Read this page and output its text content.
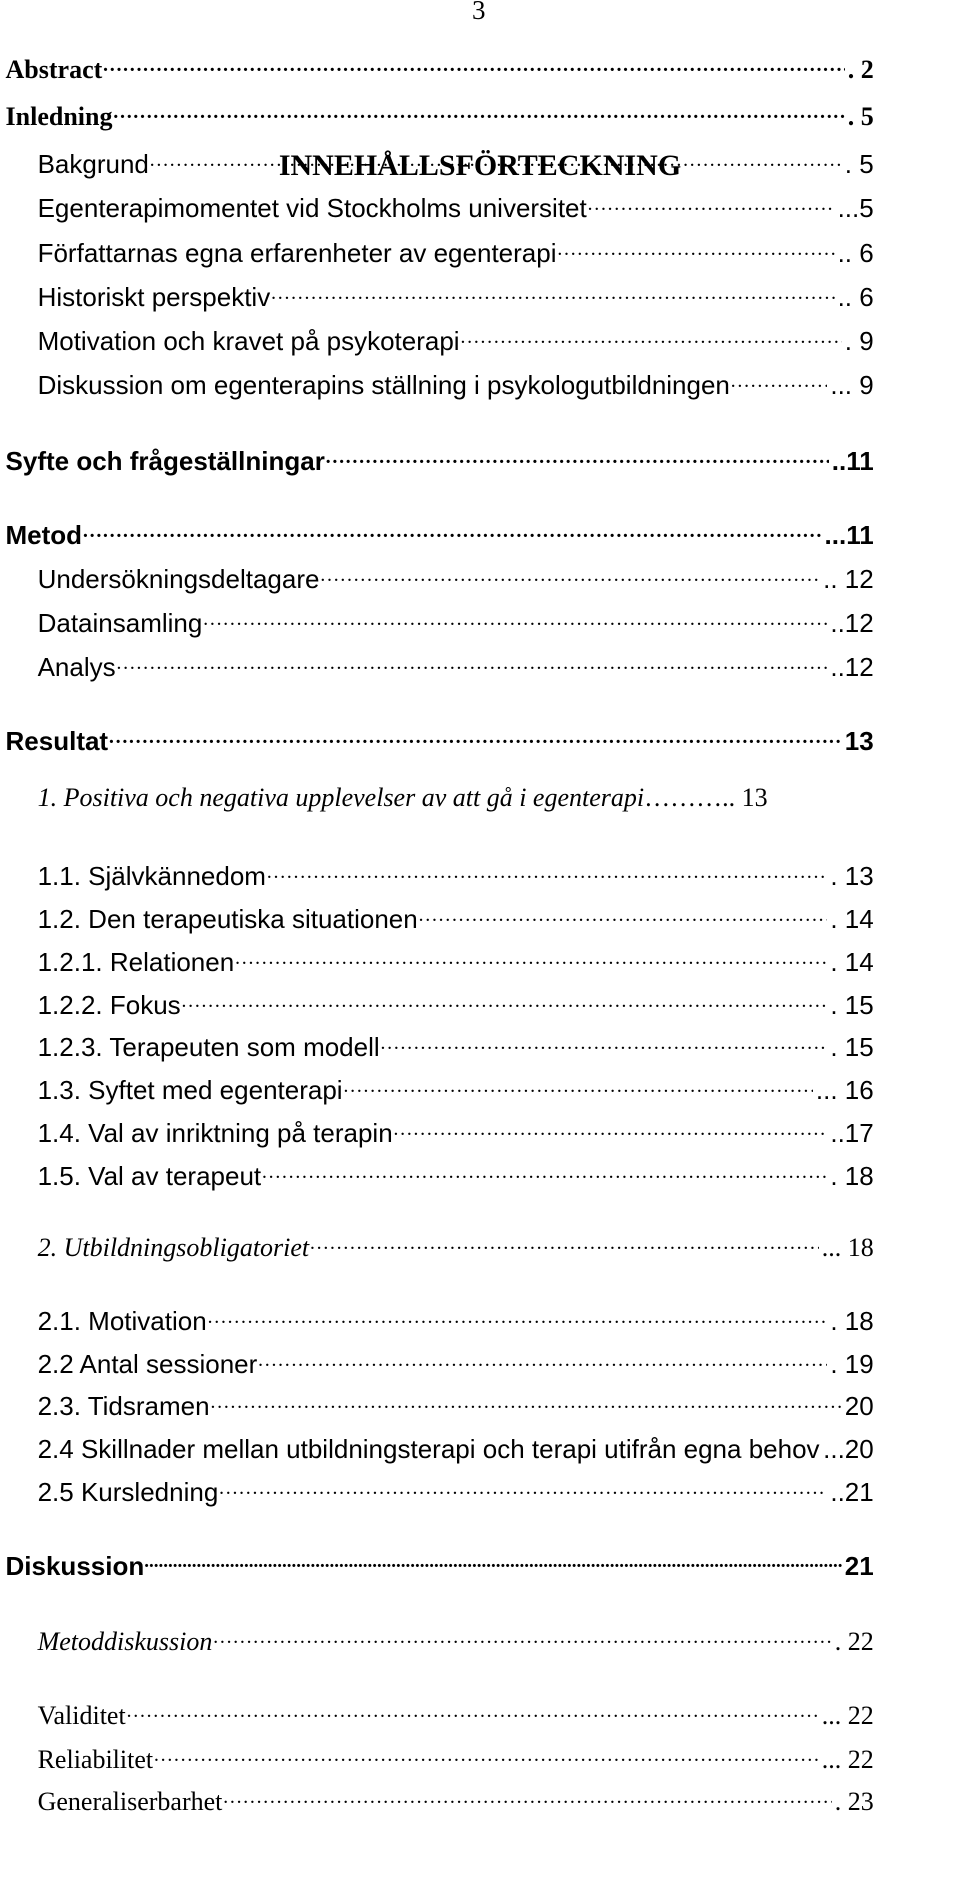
3
INNEHÅLLSFÖRTECKNING
Abstract …………………………………………………………………………………………………………………………………………………………………………………………………………………………………………………………	. 2
Inledning …………………………………………………………………………………………………………………………………………………………………………………………………………………………………………………………	. 5
Bakgrund …………………………………………………………………………………………………………………………………………………………………………………………………………………………………………………………	. 5
Egenterapimomentet vid Stockholms universitet …………………………………………………………………………………………………………………………………………………………………………………………………………………………………………………………	...5
Författarnas egna erfarenheter av egenterapi …………………………………………………………………………………………………………………………………………………………………………………………………………………………………………………………	.. 6
Historiskt perspektiv …………………………………………………………………………………………………………………………………………………………………………………………………………………………………………………………	.. 6
Motivation och kravet på psykoterapi …………………………………………………………………………………………………………………………………………………………………………………………………………………………………………………………	. 9
Diskussion om egenterapins ställning i psykologutbildningen …………………………………………………………………………………………………………………………………………………………………………………………………………………………………………………………	... 9
Syfte och frågeställningar …………………………………………………………………………………………………………………………………………………………………………………………………………………………………………………………	..11
Metod …………………………………………………………………………………………………………………………………………………………………………………………………………………………………………………………	...11
Undersökningsdeltagare …………………………………………………………………………………………………………………………………………………………………………………………………………………………………………………………	.. 12
Datainsamling …………………………………………………………………………………………………………………………………………………………………………………………………………………………………………………………	..12
Analys …………………………………………………………………………………………………………………………………………………………………………………………………………………………………………………………	..12
Resultat …………………………………………………………………………………………………………………………………………………………………………………………………………………………………………………………	13
1. Positiva och negativa upplevelser av att gå i egenterapi ……….. 13
1.1. Självkännedom …………………………………………………………………………………………………………………………………………………………………………………………………………………………………………………………	. 13
1.2. Den terapeutiska situationen …………………………………………………………………………………………………………………………………………………………………………………………………………………………………………………………	. 14
1.2.1. Relationen …………………………………………………………………………………………………………………………………………………………………………………………………………………………………………………………	. 14
1.2.2. Fokus …………………………………………………………………………………………………………………………………………………………………………………………………………………………………………………………	. 15
1.2.3. Terapeuten som modell …………………………………………………………………………………………………………………………………………………………………………………………………………………………………………………………	. 15
1.3. Syftet med egenterapi …………………………………………………………………………………………………………………………………………………………………………………………………………………………………………………………	... 16
1.4. Val av inriktning på terapin …………………………………………………………………………………………………………………………………………………………………………………………………………………………………………………………	..17
1.5. Val av terapeut …………………………………………………………………………………………………………………………………………………………………………………………………………………………………………………………	. 18
2. Utbildningsobligatoriet …………………………………………………………………………………………………………………………………………………………………………………………………………………………………………………………	... 18
2.1. Motivation …………………………………………………………………………………………………………………………………………………………………………………………………………………………………………………………	. 18
2.2 Antal sessioner …………………………………………………………………………………………………………………………………………………………………………………………………………………………………………………………	. 19
2.3. Tidsramen …………………………………………………………………………………………………………………………………………………………………………………………………………………………………………………………	20
2.4 Skillnader mellan utbildningsterapi och terapi utifrån egna behov ………………………………………………………………………………………………………………………………………………………………………………………………………………………………………………………… ...20
2.5 Kursledning …………………………………………………………………………………………………………………………………………………………………………………………………………………………………………………………	..21
Diskussion .....	21
Metoddiskussion …………………………………………………………………………………………………………………………………………………………………………………………………………………………………………………………	. 22
Validitet …………………………………………………………………………………………………………………………………………………………………………………………………………………………………………………………	... 22
Reliabilitet …………………………………………………………………………………………………………………………………………………………………………………………………………………………………………………………	... 22
Generaliserbarhet …………………………………………………………………………………………………………………………………………………………………………………………………………………………………………………………	. 23
